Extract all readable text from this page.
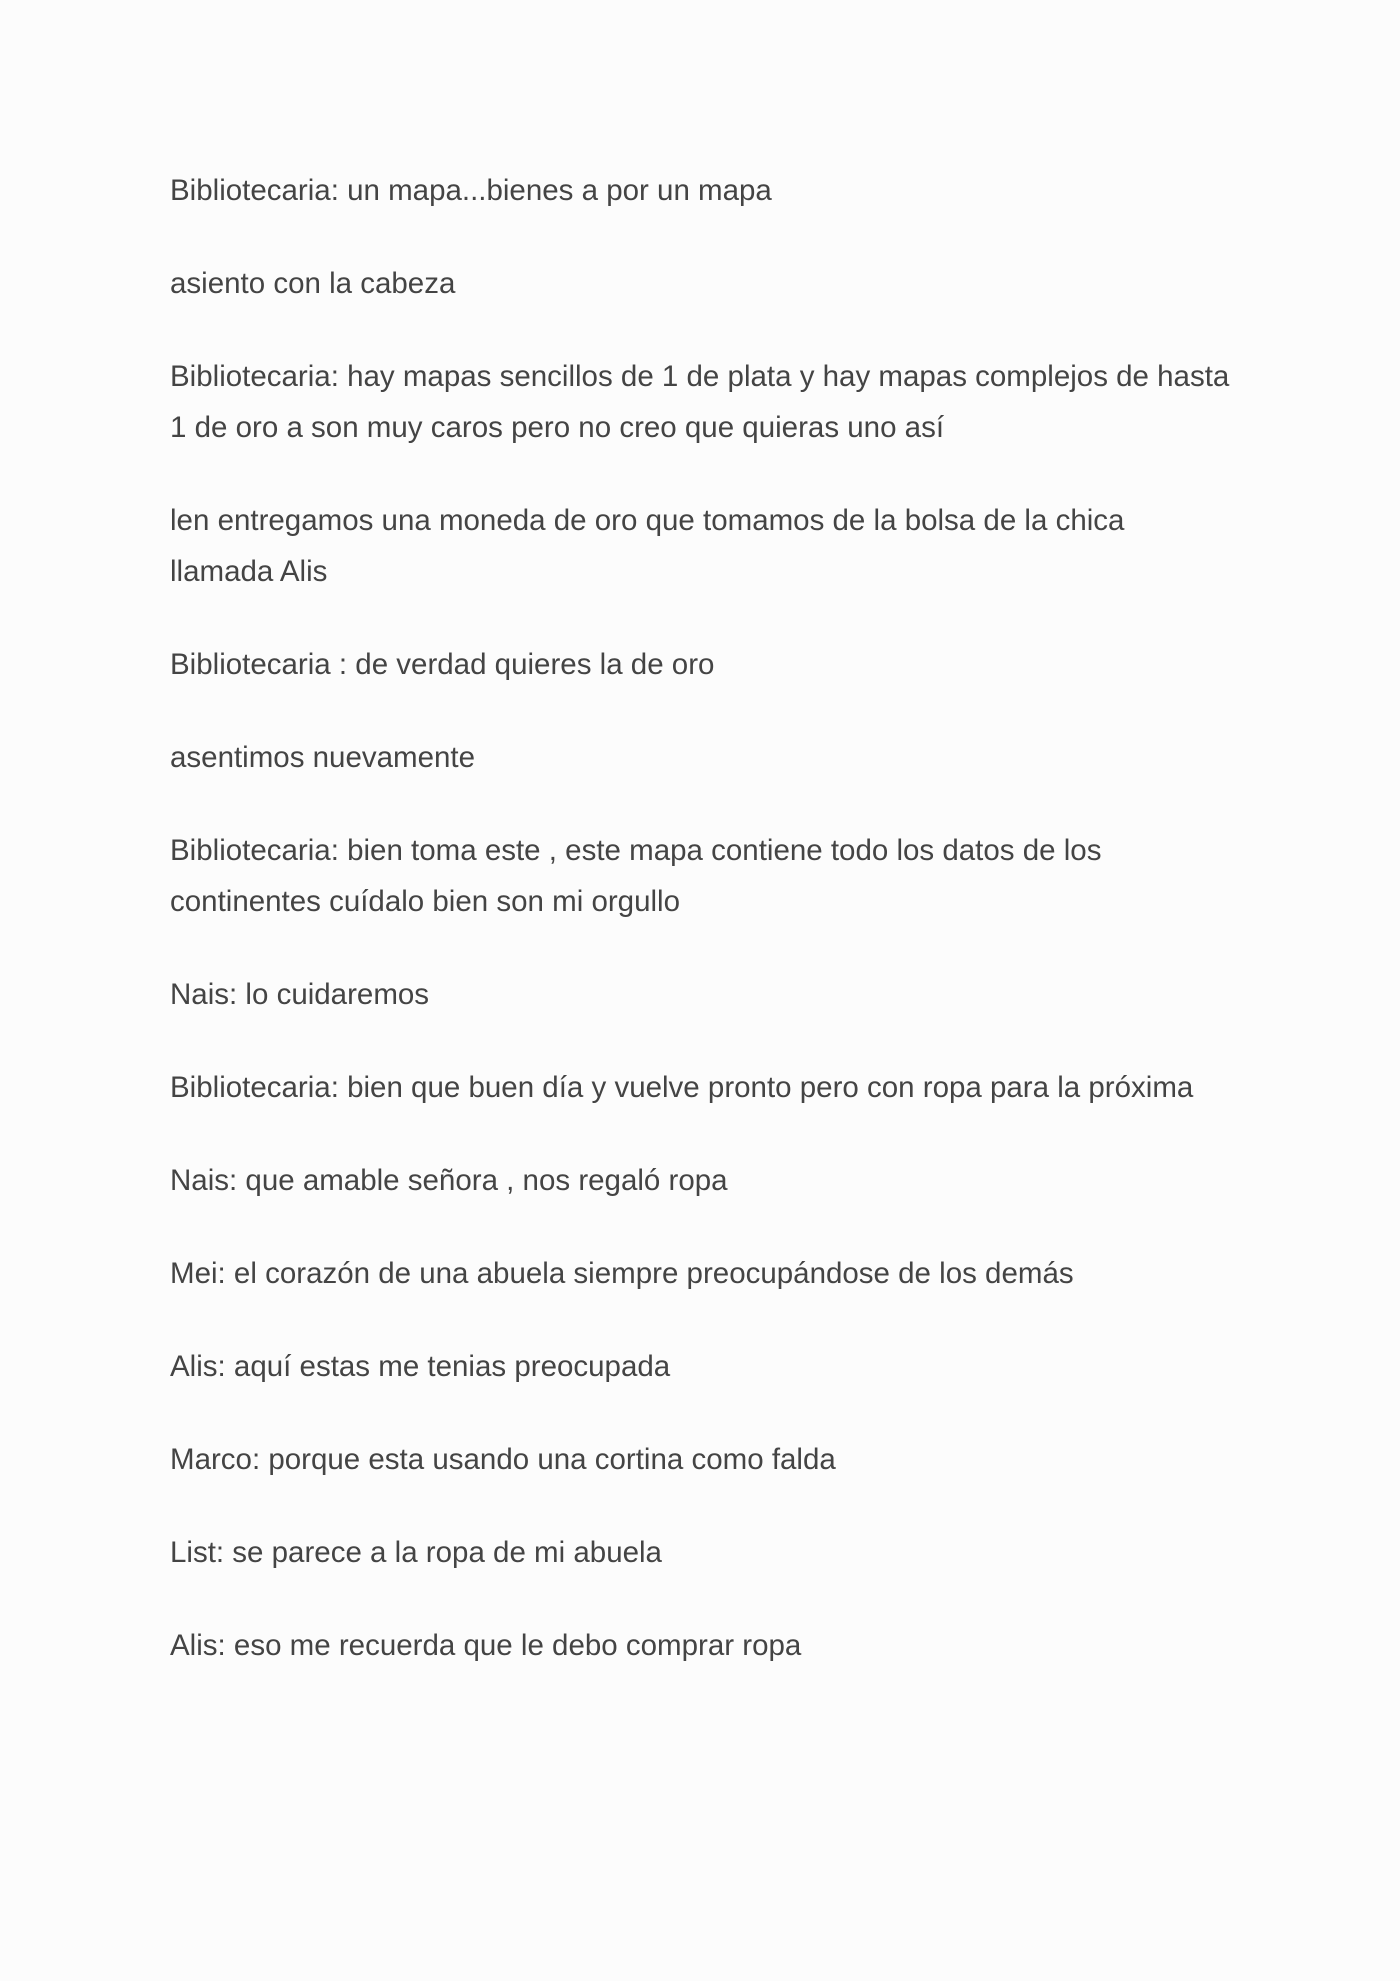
Bibliotecaria: un mapa...bienes a por un mapa

asiento con la cabeza

Bibliotecaria: hay mapas sencillos de 1 de plata y hay mapas complejos de hasta 1 de oro a son muy caros pero no creo que quieras uno así

len entregamos una moneda de oro que tomamos de la bolsa de la chica llamada Alis

Bibliotecaria : de verdad quieres la de oro

asentimos nuevamente

Bibliotecaria: bien toma este , este mapa contiene todo los datos de los continentes cuídalo bien son mi orgullo

Nais: lo cuidaremos

Bibliotecaria: bien que buen día y vuelve pronto pero con ropa para la próxima

Nais: que amable señora , nos regaló ropa

Mei: el corazón de una abuela siempre preocupándose de los demás

Alis: aquí estas me tenias preocupada

Marco: porque esta usando una cortina como falda

List: se parece a la ropa de mi abuela

Alis: eso me recuerda que le debo comprar ropa
